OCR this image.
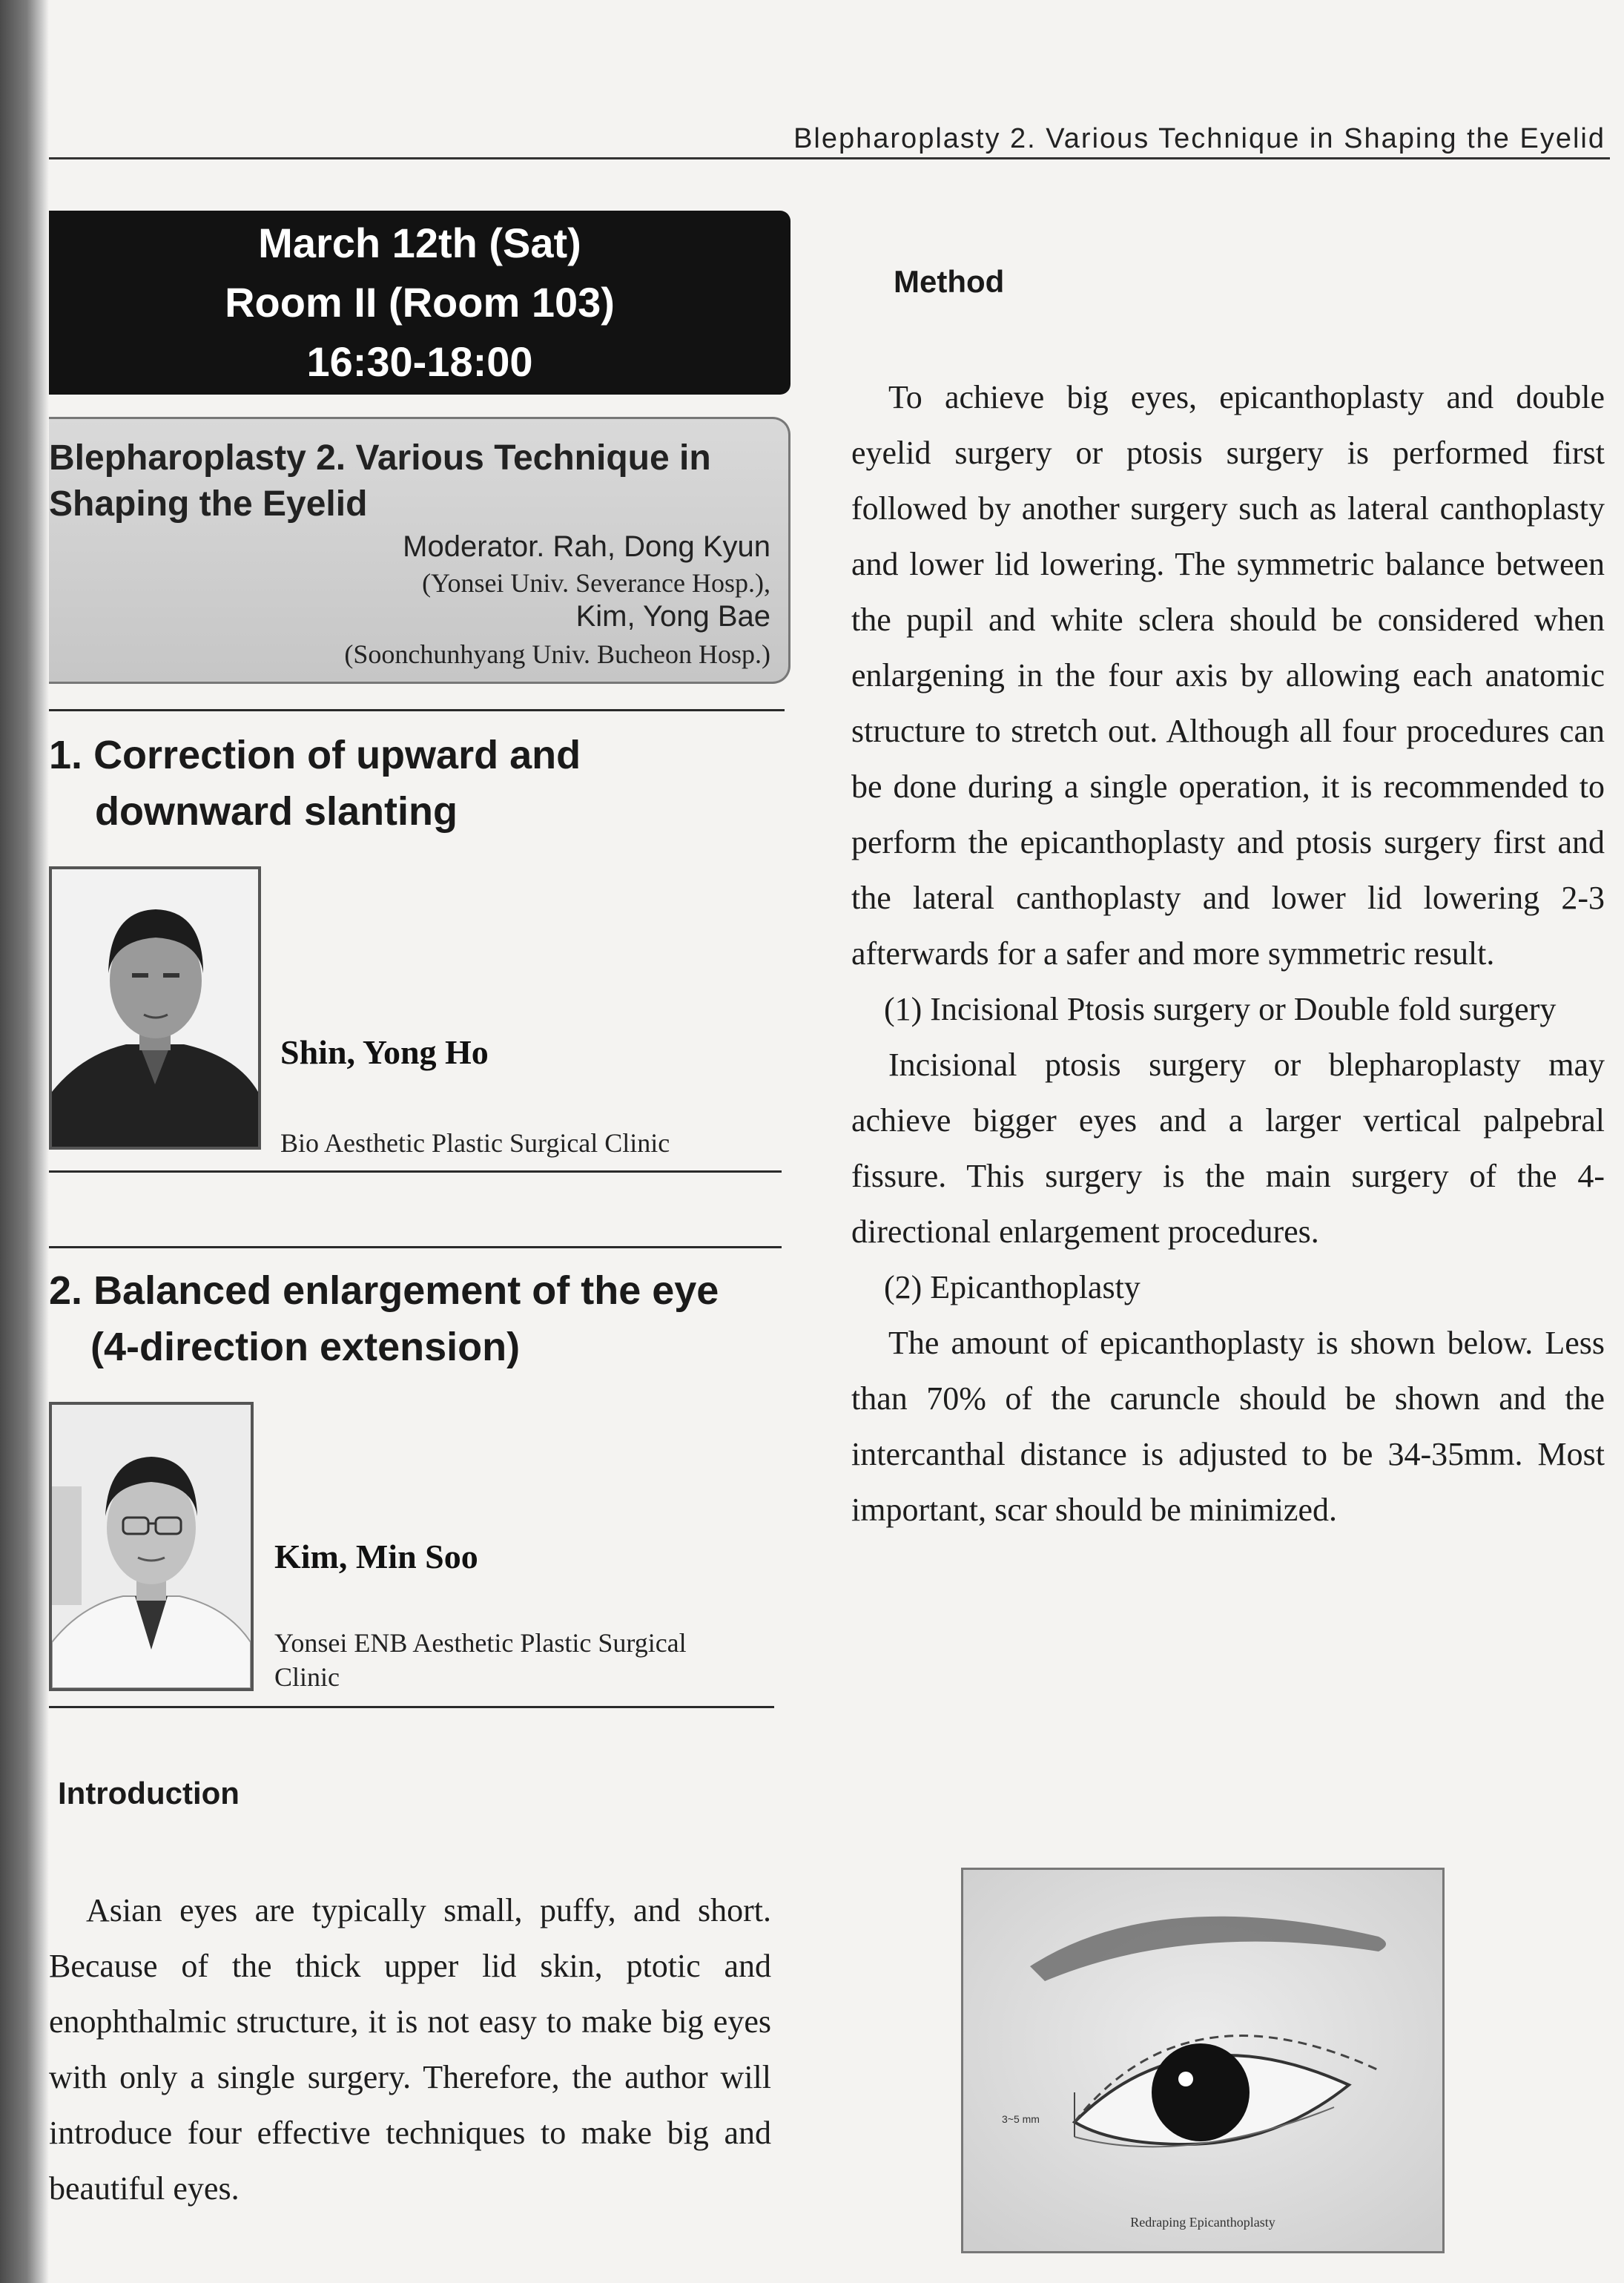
Blepharoplasty 2. Various Technique in Shaping the Eyelid
March 12th (Sat)
Room II (Room 103)
16:30-18:00
Blepharoplasty 2. Various Technique in
Shaping the Eyelid
Moderator. Rah, Dong Kyun
(Yonsei Univ. Severance Hosp.),
Kim, Yong Bae
(Soonchunhyang Univ. Bucheon Hosp.)
1. Correction of upward and
downward slanting
Shin, Yong Ho
Bio Aesthetic Plastic Surgical Clinic
2. Balanced enlargement of the eye
(4-direction extension)
Kim, Min Soo
Yonsei ENB Aesthetic Plastic Surgical
Clinic
Introduction

Asian eyes are typically small, puffy, and short. Because of the thick upper lid skin, ptotic and enophthalmic structure, it is not easy to make big eyes with only a single surgery. Therefore, the author will introduce four effective techniques to make big and beautiful eyes.

Method

To achieve big eyes, epicanthoplasty and double eyelid surgery or ptosis surgery is performed first followed by another surgery such as lateral canthoplasty and lower lid lowering. The symmetric balance between the pupil and white sclera should be considered when enlargening in the four axis by allowing each anatomic structure to stretch out. Although all four procedures can be done during a single operation, it is recommended to perform the epicanthoplasty and ptosis surgery first and the lateral canthoplasty and lower lid lowering 2-3 afterwards for a safer and more symmetric result.

(1) Incisional Ptosis surgery or Double fold surgery

Incisional ptosis surgery or blepharoplasty may achieve bigger eyes and a larger vertical palpebral fissure. This surgery is the main surgery of the 4-directional enlargement procedures.

(2) Epicanthoplasty

The amount of epicanthoplasty is shown below. Less than 70% of the caruncle should be shown and the intercanthal distance is adjusted to be 34-35mm. Most important, scar should be minimized.

3~5 mm
Redraping Epicanthoplasty
